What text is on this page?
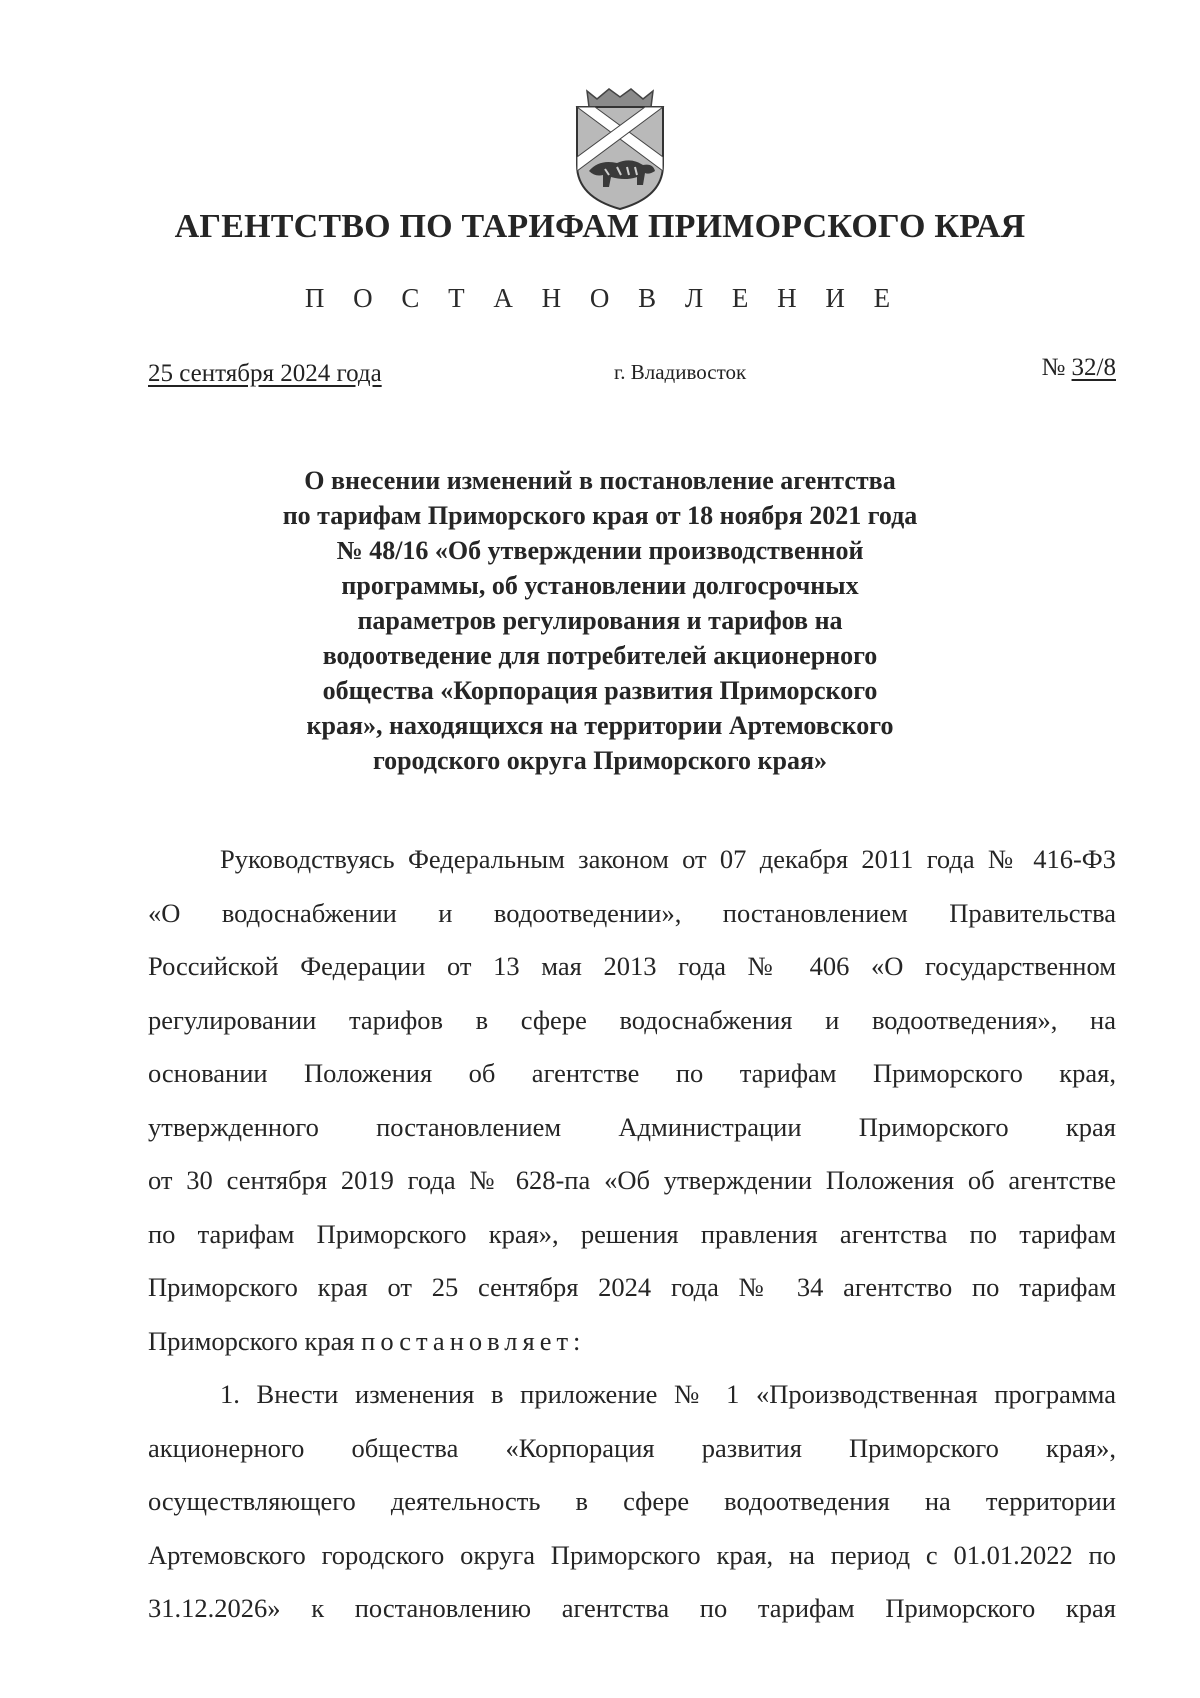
АГЕНТСТВО ПО ТАРИФАМ ПРИМОРСКОГО КРАЯ
П О С Т А Н О В Л Е Н И Е
25 сентября 2024 года	г. Владивосток	№ 32/8
О внесении изменений в постановление агентства
по тарифам Приморского края от 18 ноября 2021 года
№ 48/16 «Об утверждении производственной
программы, об установлении долгосрочных
параметров регулирования и тарифов на
водоотведение для потребителей акционерного
общества «Корпорация развития Приморского
края», находящихся на территории Артемовского
городского округа Приморского края»
Руководствуясь Федеральным законом от 07 декабря 2011 года № 416-ФЗ
«О водоснабжении и водоотведении», постановлением Правительства
Российской Федерации от 13 мая 2013 года № 406 «О государственном
регулировании тарифов в сфере водоснабжения и водоотведения», на
основании Положения об агентстве по тарифам Приморского края,
утвержденного постановлением Администрации Приморского края
от 30 сентября 2019 года № 628-па «Об утверждении Положения об агентстве
по тарифам Приморского края», решения правления агентства по тарифам
Приморского края от 25 сентября 2024 года № 34 агентство по тарифам
Приморского края постановляет:
1. Внести изменения в приложение № 1 «Производственная программа
акционерного общества «Корпорация развития Приморского края»,
осуществляющего деятельность в сфере водоотведения на территории
Артемовского городского округа Приморского края, на период с 01.01.2022 по
31.12.2026» к постановлению агентства по тарифам Приморского края
